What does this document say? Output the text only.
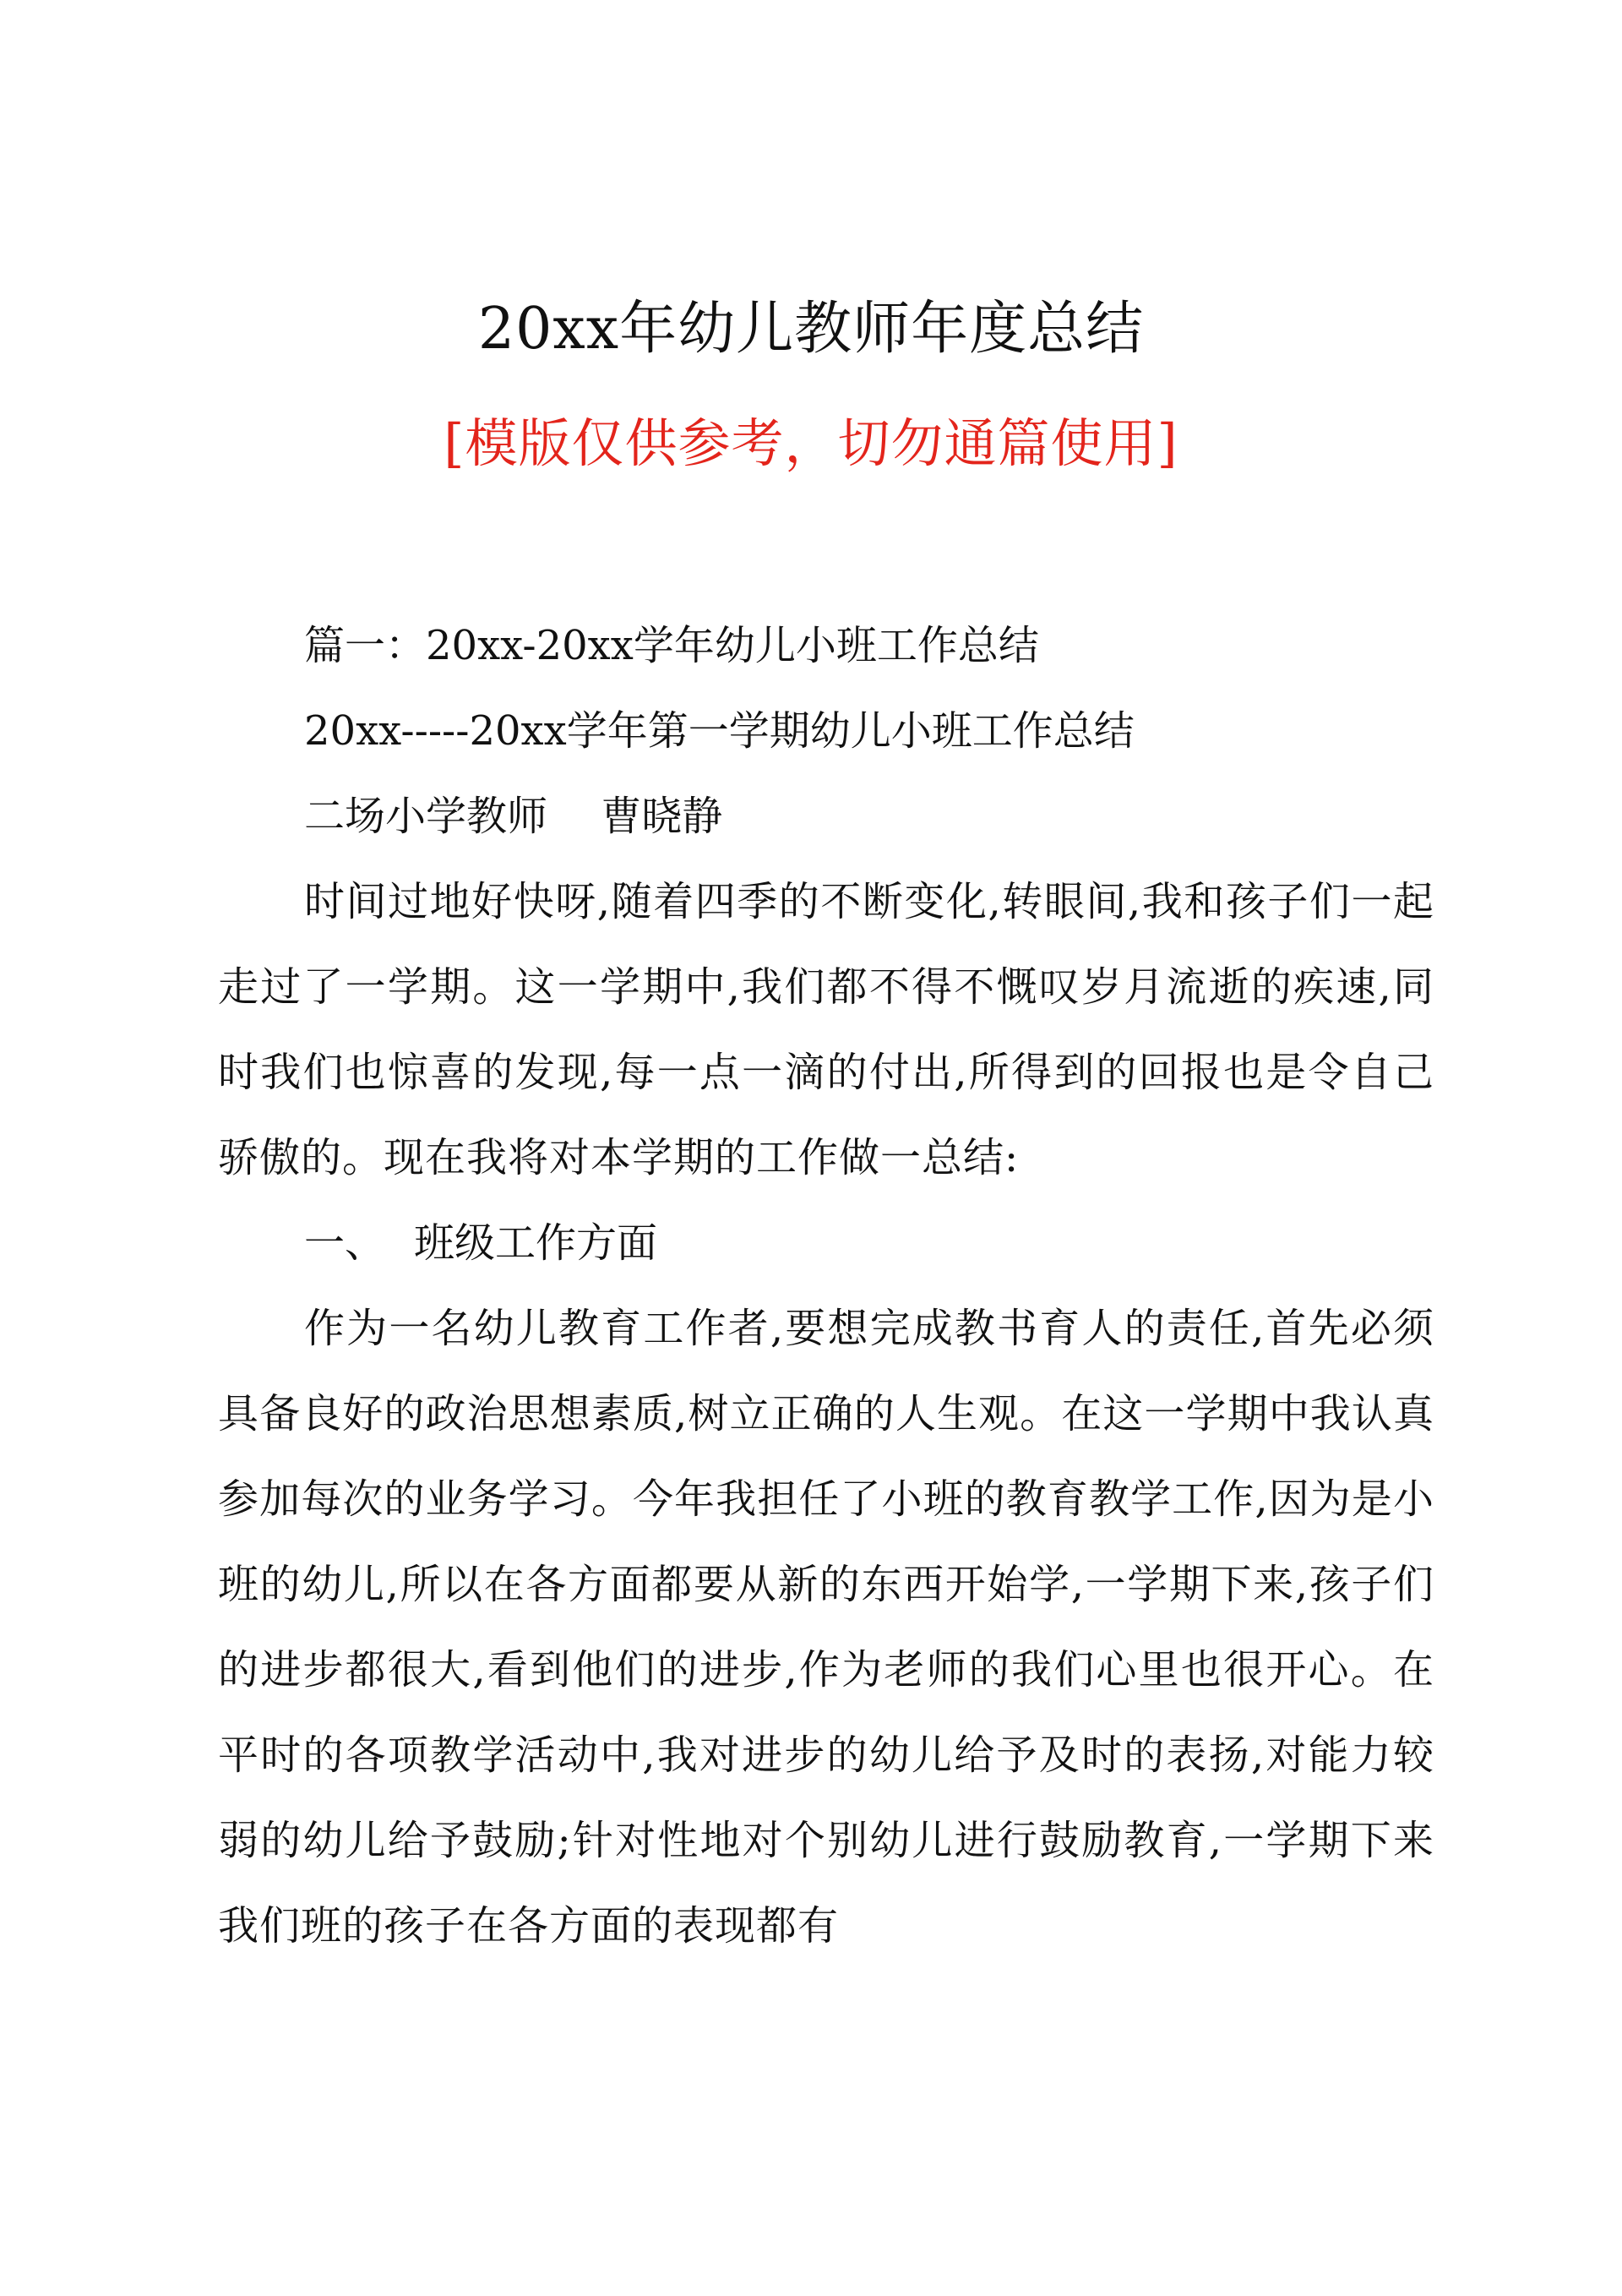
20xx年幼儿教师年度总结
[模版仅供参考，切勿通篇使用]
篇一：20xx-20xx学年幼儿小班工作总结
20xx-----20xx学年第一学期幼儿小班工作总结
二场小学教师　 曹晓静

时间过地好快呀,随着四季的不断变化,转眼间,我和孩子们一起走过了一学期。这一学期中,我们都不得不慨叹岁月流逝的疾速,同时我们也惊喜的发现,每一点一滴的付出,所得到的回报也是令自己骄傲的。现在我将对本学期的工作做一总结:

一、 班级工作方面

作为一名幼儿教育工作者,要想完成教书育人的责任,首先必须具备良好的政治思想素质,树立正确的人生观。在这一学期中我认真参加每次的业务学习。今年我担任了小班的教育教学工作,因为是小班的幼儿,所以在各方面都要从新的东西开始学,一学期下来,孩子们的进步都很大,看到他们的进步,作为老师的我们心里也很开心。在平时的各项教学活动中,我对进步的幼儿给予及时的表扬,对能力较弱的幼儿给予鼓励;针对性地对个别幼儿进行鼓励教育,一学期下来我们班的孩子在各方面的表现都有
